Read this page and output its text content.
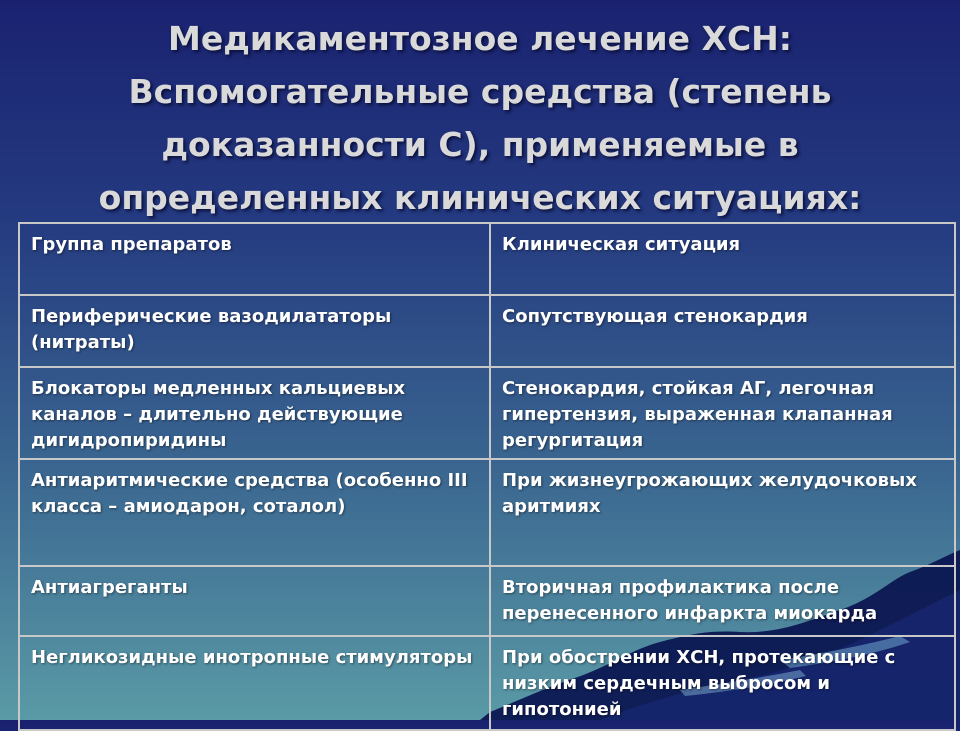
Медикаментозное лечение ХСН:
Вспомогательные средства (степень
доказанности С), применяемые в
определенных клинических ситуациях:
Группа препаратов	Клиническая ситуация
Периферические вазодилататоры (нитраты)	Сопутствующая стенокардия
Блокаторы медленных кальциевых каналов – длительно действующие дигидропиридины	Стенокардия, стойкая АГ, легочная гипертензия, выраженная клапанная регургитация
Антиаритмические средства (особенно III класса – амиодарон, соталол)	При жизнеугрожающих желудочковых аритмиях
Антиагреганты	Вторичная профилактика после перенесенного инфаркта миокарда
Негликозидные инотропные стимуляторы	При обострении ХСН, протекающие с низким сердечным выбросом и гипотонией
